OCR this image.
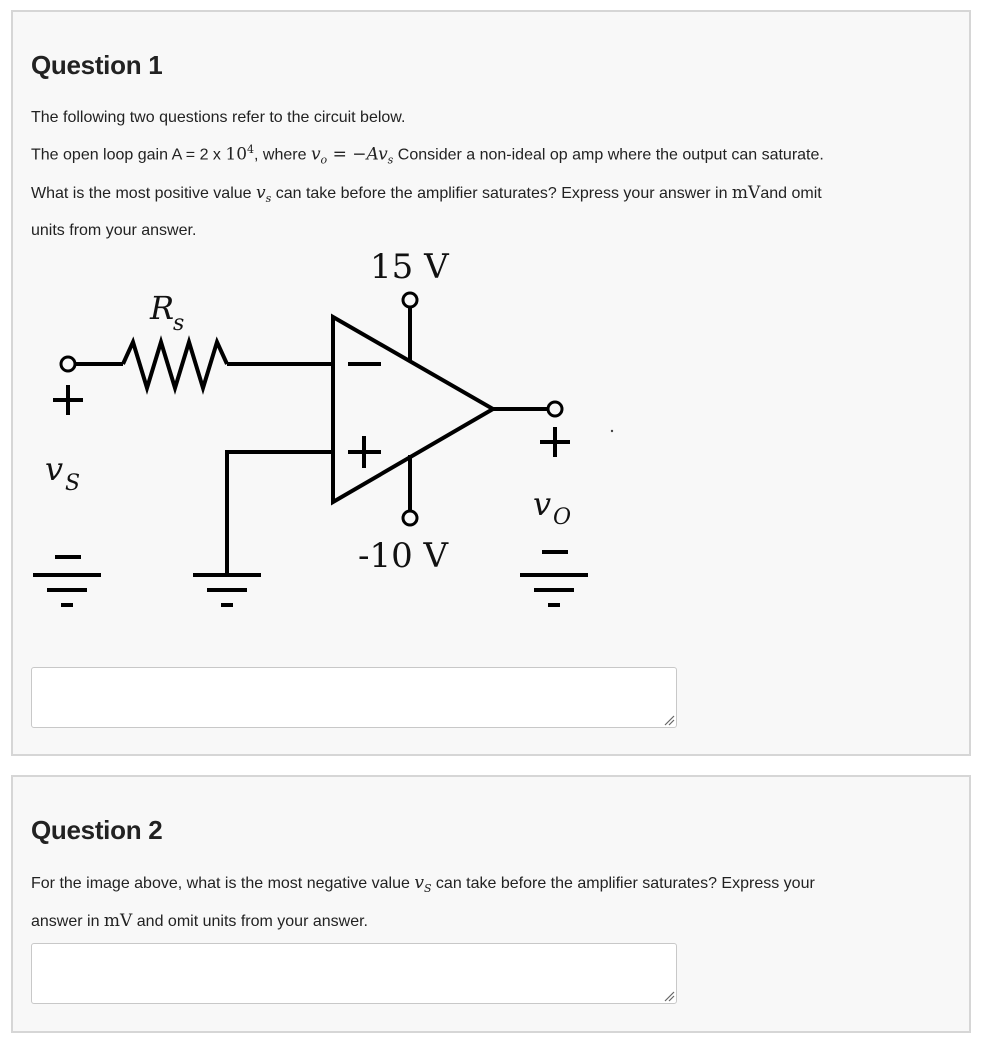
Question 1
The following two questions refer to the circuit below.
The open loop gain A = 2 x $10^4$, where $v_o = -Av_s$ Consider a non-ideal op amp where the output can saturate.
What is the most positive value $v_s$ can take before the amplifier saturates? Express your answer in mVand omit
units from your answer.
15 V
-10 V
R
s
v S
v O
Question 2
For the image above, what is the most negative value $v_S$ can take before the amplifier saturates? Express your
answer in mV and omit units from your answer.
